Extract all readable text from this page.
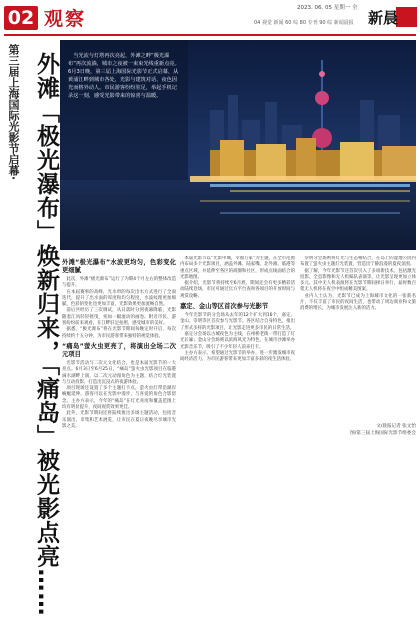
02 观察	2023. 06. 05 星期一 全
04 视觉 新闻 60 综 80 专刊 90 综 新闻晨报 新晨
第三届上海国际光影节启幕· 外滩「极光瀑布」焕新归来，「痛岛」被光影点亮……	当光流与灯塔再次亮起，外滩之畔“极光瀑布”再次流淌，城市之夜被一束束光线重新点亮。6月3日晚，第三届上海国际光影节正式启幕，从黄浦江畔到城市各处，光影与建筑对话，夜色因光而格外动人。市民游客纷纷驻足，举起手机记录这一刻，感受光影带来的惊喜与温暖。
外滩“极光瀑布”水波更均匀，色彩变化更细腻

此次，外滩“极光瀑布”运行了为期4个月左右的整体改造与提升。

在本届赛事的高峰，光水帘的每次出水方式进行了全面迭代，提升了出水面的厚度和均匀程度，水波纹理更加细腻，色彩的变化也更加丰富，光影效果更加流畅自然。

前后共经历了三次调试，从日落时分到夜幕降临，光影随着江风轻轻摇曳，宛如一幅流动的画卷。附近市民、游客纷纷前来观看，在江畔驻足拍照，感受城市的美好。

据悉，“极光瀑布”将在光影节期间每晚定时开启，每次持续约十五分钟，为市民游客带来独特的视觉体验。

“痛岛”萤火虫更亮了，将演出全场二次元项目

光影节活动与二次元文化结合，也是本届光影节的一大亮点。6月3日至6月25日，“痛岛”萤火虫光影项目在临港滴水湖畔上演，以二次元动漫角色为主题，结合灯光装置与互动投影，打造出沉浸式的夜游体验。

项目现场还设置了多个主题打卡点，萤火虫灯带沿湖岸蜿蜒延伸，游客可以在光影中漫步，与喜爱的角色合影留念。主办方表示，今年的“痛岛”在灯光亮度和覆盖范围上均有明显提升，夜间观赏效果更佳。

此外，光影节期间还将陆续推出多场主题活动，包括音乐演出、市集和艺术展览，让市民在夏日夜晚尽享城市光影之美。

本届光影节以“光影申城，幸福万家”为主题，在全市范围内布局多个光影项目，涵盖外滩、陆家嘴、北外滩、临港等重点区域，并延伸至各区的商圈和社区，形成点线面结合的光影地图。

据介绍，光影节将持续至6月底，期间还会有更多精彩活动陆续登场，市民可通过官方平台查询各项目的开放时间与观赏攻略。

嘉定、金山等区首次参与光影节

今年光影节的分会场从去年的12个扩大到16个，嘉定、金山、崇明等区首次参与光影节。各区结合自身特色，推出了形式多样的光影项目，让光影走进更多市民的日常生活。

嘉定分会场以古城夜色为主线，在州桥老街一带打造了灯光长廊；金山分会场则以滨海风光为特色，在城市沙滩举办光影音乐节，吸引了不少年轻人前来打卡。

主办方表示，希望通过光影节的举办，进一步激发城市夜间经济活力，为市民游客带来更加丰富多彩的夜生活体验。

崇明分会场则将灯光与生态相结合，在岛上的湿地公园内布置了萤火虫主题灯光装置，营造出宁静浪漫的夏夜氛围。

据了解，今年光影节还首次引入了多项新技术，包括激光投影、全息影像和无人机编队表演等，让光影呈现更加立体多元。其中无人机表演将在光影节期间择日举行，届时数百架无人机将在夜空中组成精美图案。

业内人士认为，光影节已成为上海城市文化的一张新名片，不仅丰富了市民的夜间生活，也带动了周边商业和文旅消费的增长，为城市发展注入新的活力。

文/晨报记者 张文怡
图/第三届上海国际光影节组委会
